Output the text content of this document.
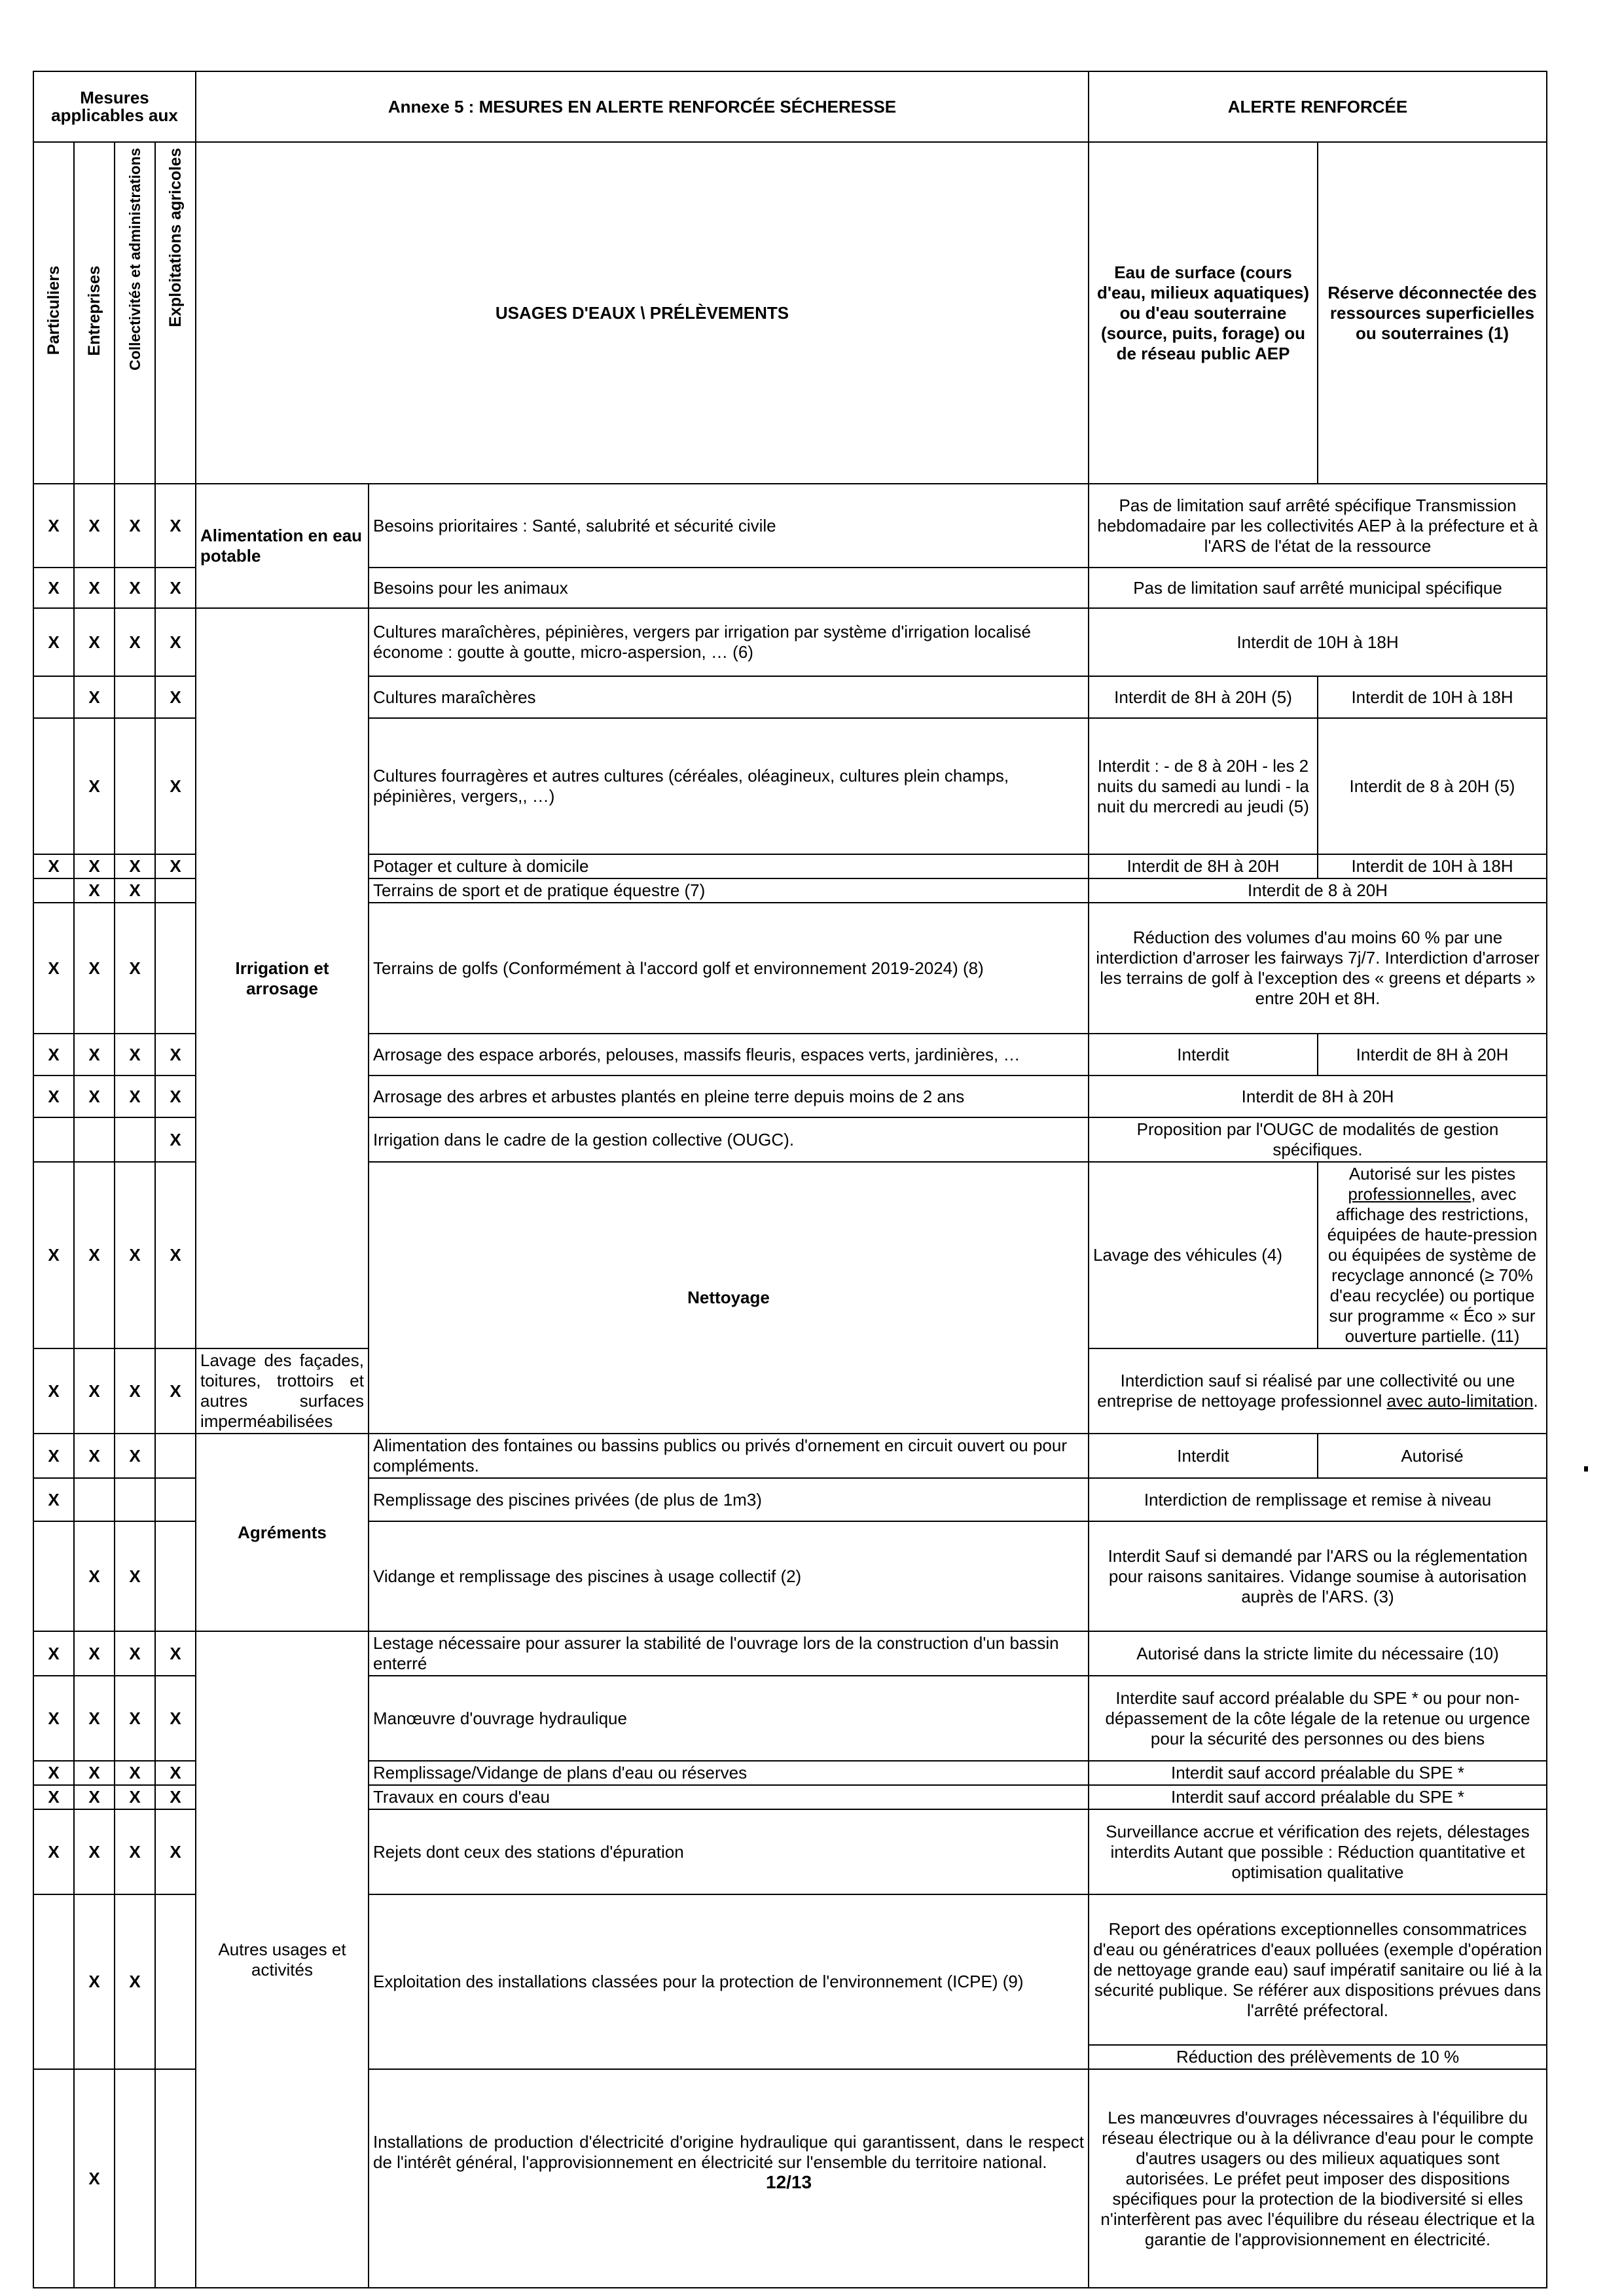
Mesures applicables aux				Annexe 5 : MESURES EN ALERTE RENFORCÉE SÉCHERESSE		ALERTE RENFORCÉE	
Particuliers	Entreprises	Collectivités et administrations	Exploitations agricoles	USAGES D'EAUX \ PRÉLÈVEMENTS		Eau de surface (cours d'eau, milieux aquatiques) ou d'eau souterraine (source, puits, forage) ou de réseau public AEP	Réserve déconnectée des ressources superficielles ou souterraines (1)
X	X	X	X	Alimentation en eau potable	Besoins prioritaires : Santé, salubrité et sécurité civile	Pas de limitation sauf arrêté spécifique Transmission hebdomadaire par les collectivités AEP à la préfecture et à l'ARS de l'état de la ressource	
X	X	X	X		Besoins pour les animaux	Pas de limitation sauf arrêté municipal spécifique	
X	X	X	X	Irrigation et arrosage	Cultures maraîchères, pépinières, vergers par irrigation par système d'irrigation localisé économe : goutte à goutte, micro-aspersion, … (6)	Interdit de 10H à 18H	
	X		X		Cultures maraîchères	Interdit de 8H à 20H (5)	Interdit de 10H à 18H
	X		X		Cultures fourragères et autres cultures (céréales, oléagineux, cultures plein champs, pépinières, vergers,, …)	Interdit : - de 8 à 20H - les 2 nuits du samedi au lundi - la nuit du mercredi au jeudi (5)	Interdit de 8 à 20H (5)
X	X	X	X		Potager et culture à domicile	Interdit de 8H à 20H	Interdit de 10H à 18H
	X	X			Terrains de sport et de pratique équestre (7)	Interdit de 8 à 20H	
X	X	X			Terrains de golfs (Conformément à l'accord golf et environnement 2019-2024) (8)	Réduction des volumes d'au moins 60 % par une interdiction d'arroser les fairways 7j/7. Interdiction d'arroser les terrains de golf à l'exception des « greens et départs » entre 20H et 8H.	
X	X	X	X		Arrosage des espace arborés, pelouses, massifs fleuris, espaces verts, jardinières, …	Interdit	Interdit de 8H à 20H
X	X	X	X		Arrosage des arbres et arbustes plantés en pleine terre depuis moins de 2 ans	Interdit de 8H à 20H	
			X		Irrigation dans le cadre de la gestion collective (OUGC).	Proposition par l'OUGC de modalités de gestion spécifiques.	
X	X	X	X		Nettoyage	Lavage des véhicules (4)	Autorisé sur les pistes professionnelles, avec affichage des restrictions, équipées de haute-pression ou équipées de système de recyclage annoncé (≥ 70% d'eau recyclée) ou portique sur programme « Éco » sur ouverture partielle. (11)
X	X	X	X	Lavage des façades, toitures, trottoirs et autres surfaces imperméabilisées		Interdiction sauf si réalisé par une collectivité ou une entreprise de nettoyage professionnel avec auto-limitation.	
X	X	X		Agréments	Alimentation des fontaines ou bassins publics ou privés d'ornement en circuit ouvert ou pour compléments.	Interdit	Autorisé
X					Remplissage des piscines privées (de plus de 1m3)	Interdiction de remplissage et remise à niveau	
	X	X			Vidange et remplissage des piscines à usage collectif (2)	Interdit Sauf si demandé par l'ARS ou la réglementation pour raisons sanitaires. Vidange soumise à autorisation auprès de l'ARS. (3)	
X	X	X	X	Autres usages et activités	Lestage nécessaire pour assurer la stabilité de l'ouvrage lors de la construction d'un bassin enterré	Autorisé dans la stricte limite du nécessaire (10)	
X	X	X	X		Manœuvre d'ouvrage hydraulique	Interdite sauf accord préalable du SPE * ou pour non-dépassement de la côte légale de la retenue ou urgence pour la sécurité des personnes ou des biens	
X	X	X	X		Remplissage/Vidange de plans d'eau ou réserves	Interdit sauf accord préalable du SPE *	
X	X	X	X		Travaux en cours d'eau	Interdit sauf accord préalable du SPE *	
X	X	X	X		Rejets dont ceux des stations d'épuration	Surveillance accrue et vérification des rejets, délestages interdits Autant que possible : Réduction quantitative et optimisation qualitative	
	X	X			Exploitation des installations classées pour la protection de l'environnement (ICPE) (9)	Report des opérations exceptionnelles consommatrices d'eau ou génératrices d'eaux polluées (exemple d'opération de nettoyage grande eau) sauf impératif sanitaire ou lié à la sécurité publique. Se référer aux dispositions prévues dans l'arrêté préfectoral.	
						Réduction des prélèvements de 10 %	
	X				Installations de production d'électricité d'origine hydraulique qui garantissent, dans le respect de l'intérêt général, l'approvisionnement en électricité sur l'ensemble du territoire national.	Les manœuvres d'ouvrages nécessaires à l'équilibre du réseau électrique ou à la délivrance d'eau pour le compte d'autres usagers ou des milieux aquatiques sont autorisées. Le préfet peut imposer des dispositions spécifiques pour la protection de la biodiversité si elles n'interfèrent pas avec l'équilibre du réseau électrique et la garantie de l'approvisionnement en électricité.	
12/13
